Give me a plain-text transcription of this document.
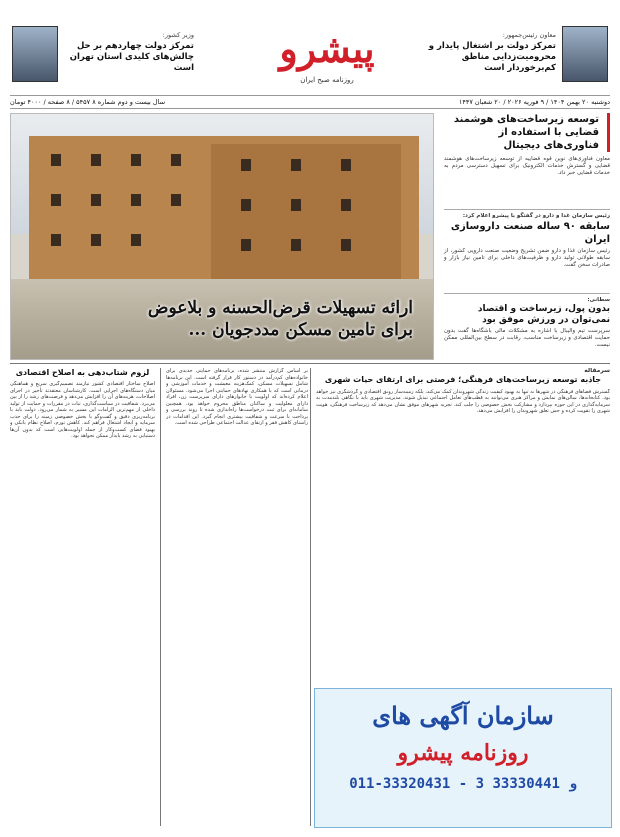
معاون رئیس‌جمهور:
تمرکز دولت بر اشتغال پایدار و محرومیت‌زدایی مناطق کم‌برخوردار است
پیشرو
روزنامه صبح ایران
وزیر کشور:
تمرکز دولت چهاردهم بر حل چالش‌های کلیدی استان تهران است
دوشنبه ۲۰ بهمن ۱۴۰۴ / ۹ فوریه ۲۰۲۶ / ۲۰ شعبان ۱۴۴۷
سال بیست و دوم شماره ۸ ۵۴۵۷ / ۸ صفحه / ۴۰۰۰ تومان
ارائه تسهیلات قرض‌الحسنه و بلاعوض
برای تامین مسکن مددجویان ...
توسعه زیرساخت‌های هوشمند قضایی با استفاده از فناوری‌های دیجیتال
معاون فناوری‌های نوین قوه قضاییه از توسعه زیرساخت‌های هوشمند قضایی و گسترش خدمات الکترونیک برای تسهیل دسترسی مردم به خدمات قضایی خبر داد.
رئیس سازمان غذا و دارو در گفتگو با پیشرو اعلام کرد:
سابقه ۹۰ ساله صنعت داروسازی ایران
رئیس سازمان غذا و دارو ضمن تشریح وضعیت صنعت دارویی کشور، از سابقه طولانی تولید دارو و ظرفیت‌های داخلی برای تامین نیاز بازار و صادرات سخن گفت.
سطانی:
بدون پول، زیرساخت و اقتصاد نمی‌توان در ورزش موفق بود
سرپرست تیم والیبال با اشاره به مشکلات مالی باشگاه‌ها گفت بدون حمایت اقتصادی و زیرساخت مناسب، رقابت در سطح بین‌المللی ممکن نیست.
لزوم شتاب‌دهی به اصلاح اقتصادی
اصلاح ساختار اقتصادی کشور نیازمند تصمیم‌گیری سریع و هماهنگی میان دستگاه‌های اجرایی است. کارشناسان معتقدند تأخیر در اجرای اصلاحات، هزینه‌های آن را افزایش می‌دهد و فرصت‌های رشد را از بین می‌برد. شفافیت در سیاست‌گذاری، ثبات در مقررات و حمایت از تولید داخلی از مهم‌ترین الزامات این مسیر به شمار می‌رود. دولت باید با برنامه‌ریزی دقیق و گفت‌وگو با بخش خصوصی زمینه را برای جذب سرمایه و ایجاد اشتغال فراهم کند. کاهش تورم، اصلاح نظام بانکی و بهبود فضای کسب‌وکار از جمله اولویت‌هایی است که بدون آن‌ها دستیابی به رشد پایدار ممکن نخواهد بود.
بر اساس گزارش منتشر شده، برنامه‌های حمایتی جدیدی برای خانواده‌های کم‌درآمد در دستور کار قرار گرفته است. این برنامه‌ها شامل تسهیلات مسکن، کمک‌هزینه معیشت و خدمات آموزشی و درمانی است که با همکاری نهادهای حمایتی اجرا می‌شود. مسئولان اعلام کرده‌اند که اولویت با خانوارهای دارای سرپرست زن، افراد دارای معلولیت و ساکنان مناطق محروم خواهد بود. همچنین سامانه‌ای برای ثبت درخواست‌ها راه‌اندازی شده تا روند بررسی و پرداخت با سرعت و شفافیت بیشتری انجام گیرد. این اقدامات در راستای کاهش فقر و ارتقای عدالت اجتماعی طراحی شده است.
سرمقاله
جاذبه توسعه زیرساخت‌های فرهنگی؛ فرصتی برای ارتقای حیات شهری
گسترش فضاهای فرهنگی در شهرها نه تنها به بهبود کیفیت زندگی شهروندان کمک می‌کند، بلکه زمینه‌ساز رونق اقتصادی و گردشگری نیز خواهد بود. کتابخانه‌ها، سالن‌های نمایش و مراکز هنری می‌توانند به قطب‌های تعامل اجتماعی تبدیل شوند. مدیریت شهری باید با نگاهی بلندمدت به سرمایه‌گذاری در این حوزه بپردازد و مشارکت بخش خصوصی را جلب کند. تجربه شهرهای موفق نشان می‌دهد که زیرساخت فرهنگی، هویت شهری را تقویت کرده و حس تعلق شهروندان را افزایش می‌دهد.
سازمان آگهی های
روزنامه پیشرو
011-33320431 - 3 و 33330441
